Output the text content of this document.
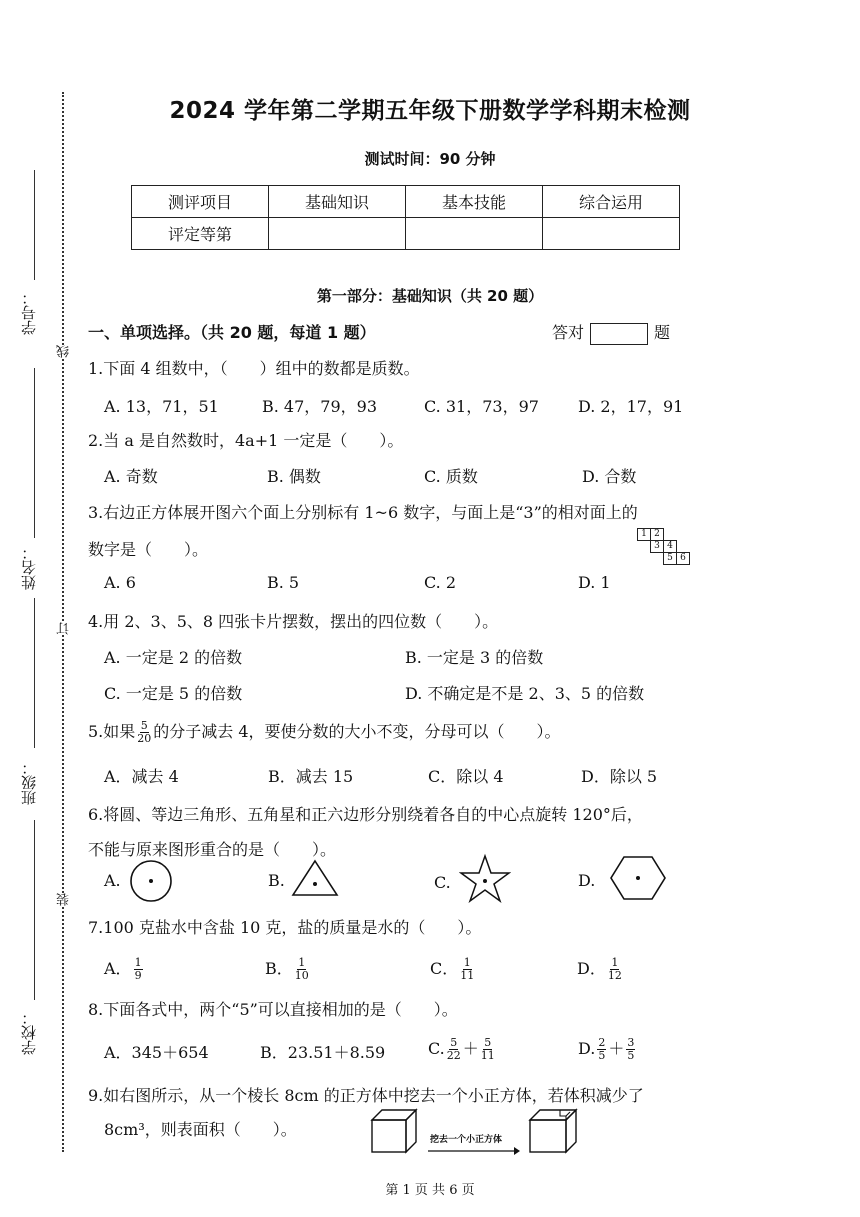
学号：
姓名：
班级：
学校：
线
订
装
2024 学年第二学期五年级下册数学学科期末检测
测试时间：90 分钟
测评项目	基础知识	基本技能	综合运用
评定等第			
第一部分：基础知识（共 20 题）
一、单项选择。（共 20 题，每道 1 题）	答对	题
1.下面 4 组数中，（　　）组中的数都是质数。
A. 13，71，51	B. 47，79，93	C. 31，73，97 D. 2，17，91
2.当 a 是自然数时，4a+1 一定是（　　）。
A. 奇数	B. 偶数	C. 质数	D. 合数
3.右边正方体展开图六个面上分别标有 1~6 数字，与面上是“3”的相对面上的
数字是（　　）。
1	2		
	3	4	
		5	6
A. 6	B. 5	C. 2	D. 1
4.用 2、3、5、8 四张卡片摆数，摆出的四位数（　　）。
A. 一定是 2 的倍数	B. 一定是 3 的倍数
C. 一定是 5 的倍数	D. 不确定是不是 2、3、5 的倍数
5.如果 $\frac{5}{20}$ 的分子减去 4，要使分数的大小不变，分母可以（　　）。
A．减去 4	B．减去 15	C．除以 4	D．除以 5
6.将圆、等边三角形、五角星和正六边形分别绕着各自的中心点旋转 120°后，
不能与原来图形重合的是（　　）。
A.	B.	C.	D.
7.100 克盐水中含盐 10 克，盐的质量是水的（　　）。
A． $\frac{1}{9}$	B． $\frac{1}{10}$	C． $\frac{1}{11}$	D． $\frac{1}{12}$
8.下面各式中，两个“5”可以直接相加的是（　　）。
A．345＋654	B．23.51＋8.59	C. $\frac{5}{22} + \frac{5}{11}$	D. $\frac{2}{5} + \frac{3}{5}$
9.如右图所示，从一个棱长 8cm 的正方体中挖去一个小正方体，若体积减少了
8cm³，则表面积（　　）。
挖去一个小正方体
第 1 页 共 6 页
